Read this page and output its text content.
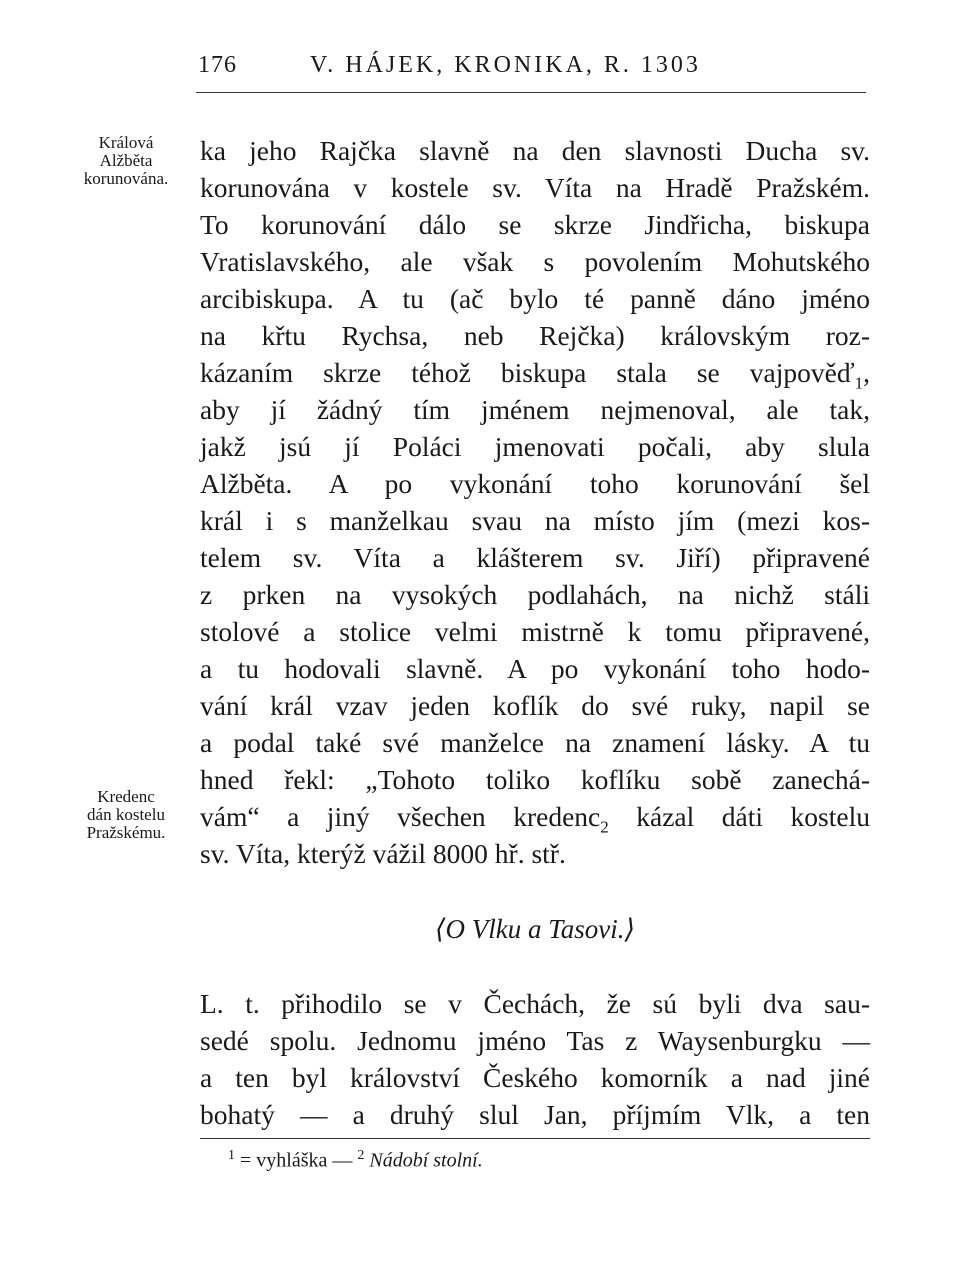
176	V. HÁJEK, KRONIKA, R. 1303
Králová
Alžběta
korunována.
Kredenc
dán kostelu
Pražskému.
ka jeho Rajčka slavně na den slavnosti Ducha sv.
korunována v kostele sv. Víta na Hradě Pražském.
To korunování dálo se skrze Jindřicha, biskupa
Vratislavského, ale však s povolením Mohutského
arcibiskupa. A tu (ač bylo té panně dáno jméno
na křtu Rychsa, neb Rejčka) královským roz-
kázaním skrze téhož biskupa stala se vajpověď$_1$,
aby jí žádný tím jménem nejmenoval, ale tak,
jakž jsú jí Poláci jmenovati počali, aby slula
Alžběta. A po vykonání toho korunování šel
král i s manželkau svau na místo jím (mezi kos-
telem sv. Víta a klášterem sv. Jiří) připravené
z prken na vysokých podlahách, na nichž stáli
stolové a stolice velmi mistrně k tomu připravené,
a tu hodovali slavně. A po vykonání toho hodo-
vání král vzav jeden koflík do své ruky, napil se
a podal také své manželce na znamení lásky. A tu
hned řekl: „Tohoto toliko koflíku sobě zanechá-
vám“ a jiný všechen kredenc$_2$ kázal dáti kostelu
sv. Víta, kterýž vážil 8000 hř. stř.
⟨O Vlku a Tasovi.⟩
L. t. přihodilo se v Čechách, že sú byli dva sau-
sedé spolu. Jednomu jméno Tas z Waysenburgku —
a ten byl království Českého komorník a nad jiné
bohatý — a druhý slul Jan, příjmím Vlk, a ten
$^1$ = vyhláška — $^2$ Nádobí stolní.
